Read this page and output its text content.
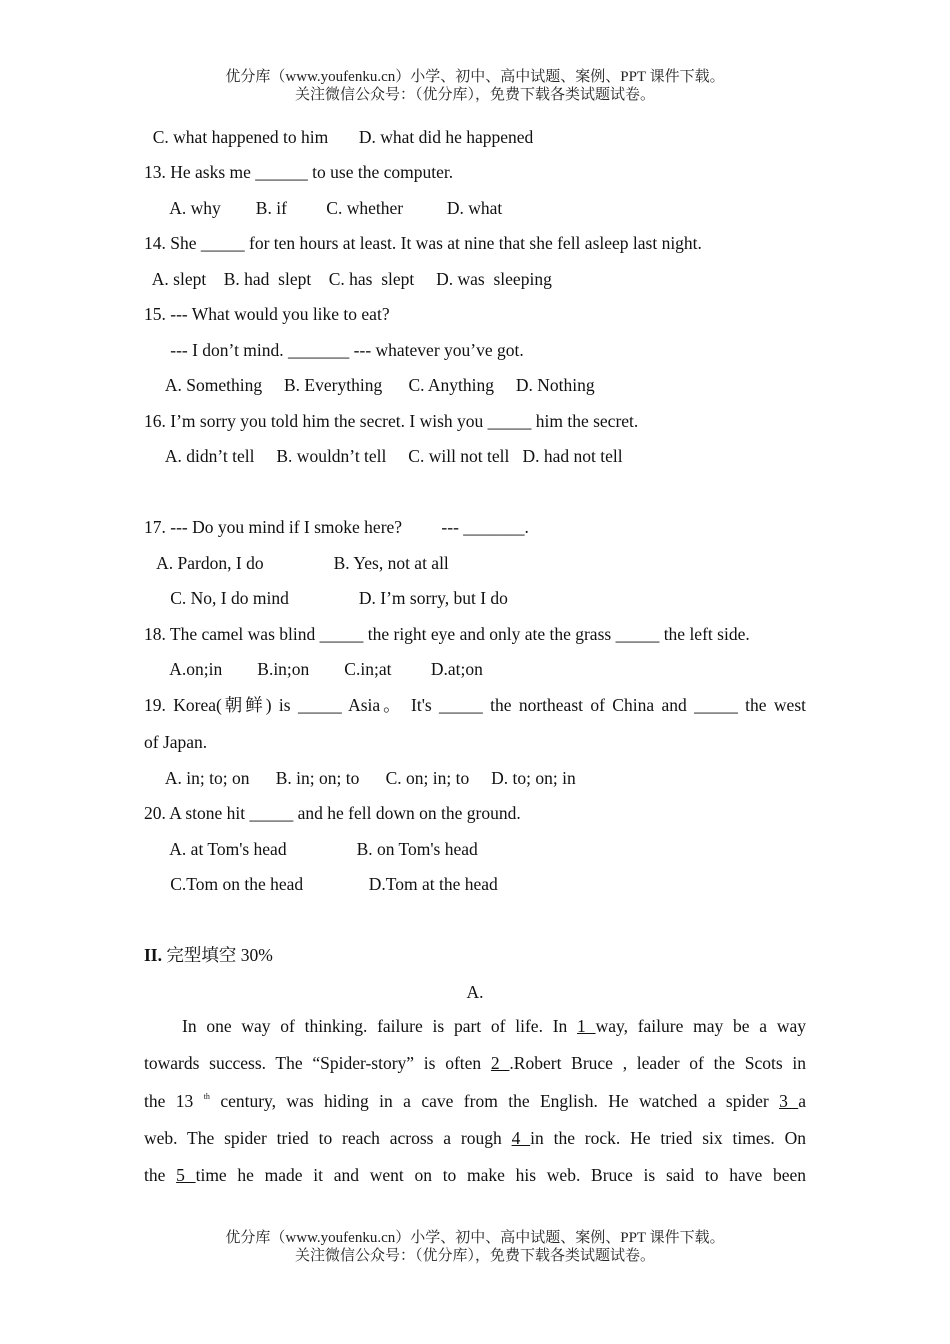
优分库（www.youfenku.cn）小学、初中、高中试题、案例、PPT 课件下载。
关注微信公众号：（优分库），免费下载各类试题试卷。
C. what happened to him       D. what did he happened
13. He asks me ______ to use the computer.
A. why        B. if         C. whether          D. what
14. She _____ for ten hours at least. It was at nine that she fell asleep last night.
A. slept    B. had  slept    C. has  slept     D. was  sleeping
15. --- What would you like to eat?
--- I don’t mind. _______ --- whatever you’ve got.
A. Something     B. Everything      C. Anything     D. Nothing
16. I’m sorry you told him the secret. I wish you _____ him the secret.
A. didn’t tell     B. wouldn’t tell     C. will not tell   D. had not tell
17. --- Do you mind if I smoke here?         --- _______.
A. Pardon, I do                B. Yes, not at all
C. No, I do mind                D. I’m sorry, but I do
18. The camel was blind _____ the right eye and only ate the grass _____ the left side.
A.on;in        B.in;on        C.in;at         D.at;on
19. Korea(朝鲜) is _____ Asia。 It's _____ the northeast of China and _____ the west
of Japan.
A. in; to; on      B. in; on; to      C. on; in; to     D. to; on; in
20. A stone hit _____ and he fell down on the ground.
A. at Tom's head                B. on Tom's head
C.Tom on the head               D.Tom at the head
II. 完型填空 30%
A.
In one way of thinking. failure is part of life. In 1 way, failure may be a way
towards success. The “Spider-story” is often 2 .Robert Bruce , leader of the Scots in
the 13 $^{th}$ century, was hiding in a cave from the English. He watched a spider 3 a
web. The spider tried to reach across a rough 4 in the rock. He tried six times. On
the 5 time he made it and went on to make his web. Bruce is said to have been
优分库（www.youfenku.cn）小学、初中、高中试题、案例、PPT 课件下载。
关注微信公众号：（优分库），免费下载各类试题试卷。
